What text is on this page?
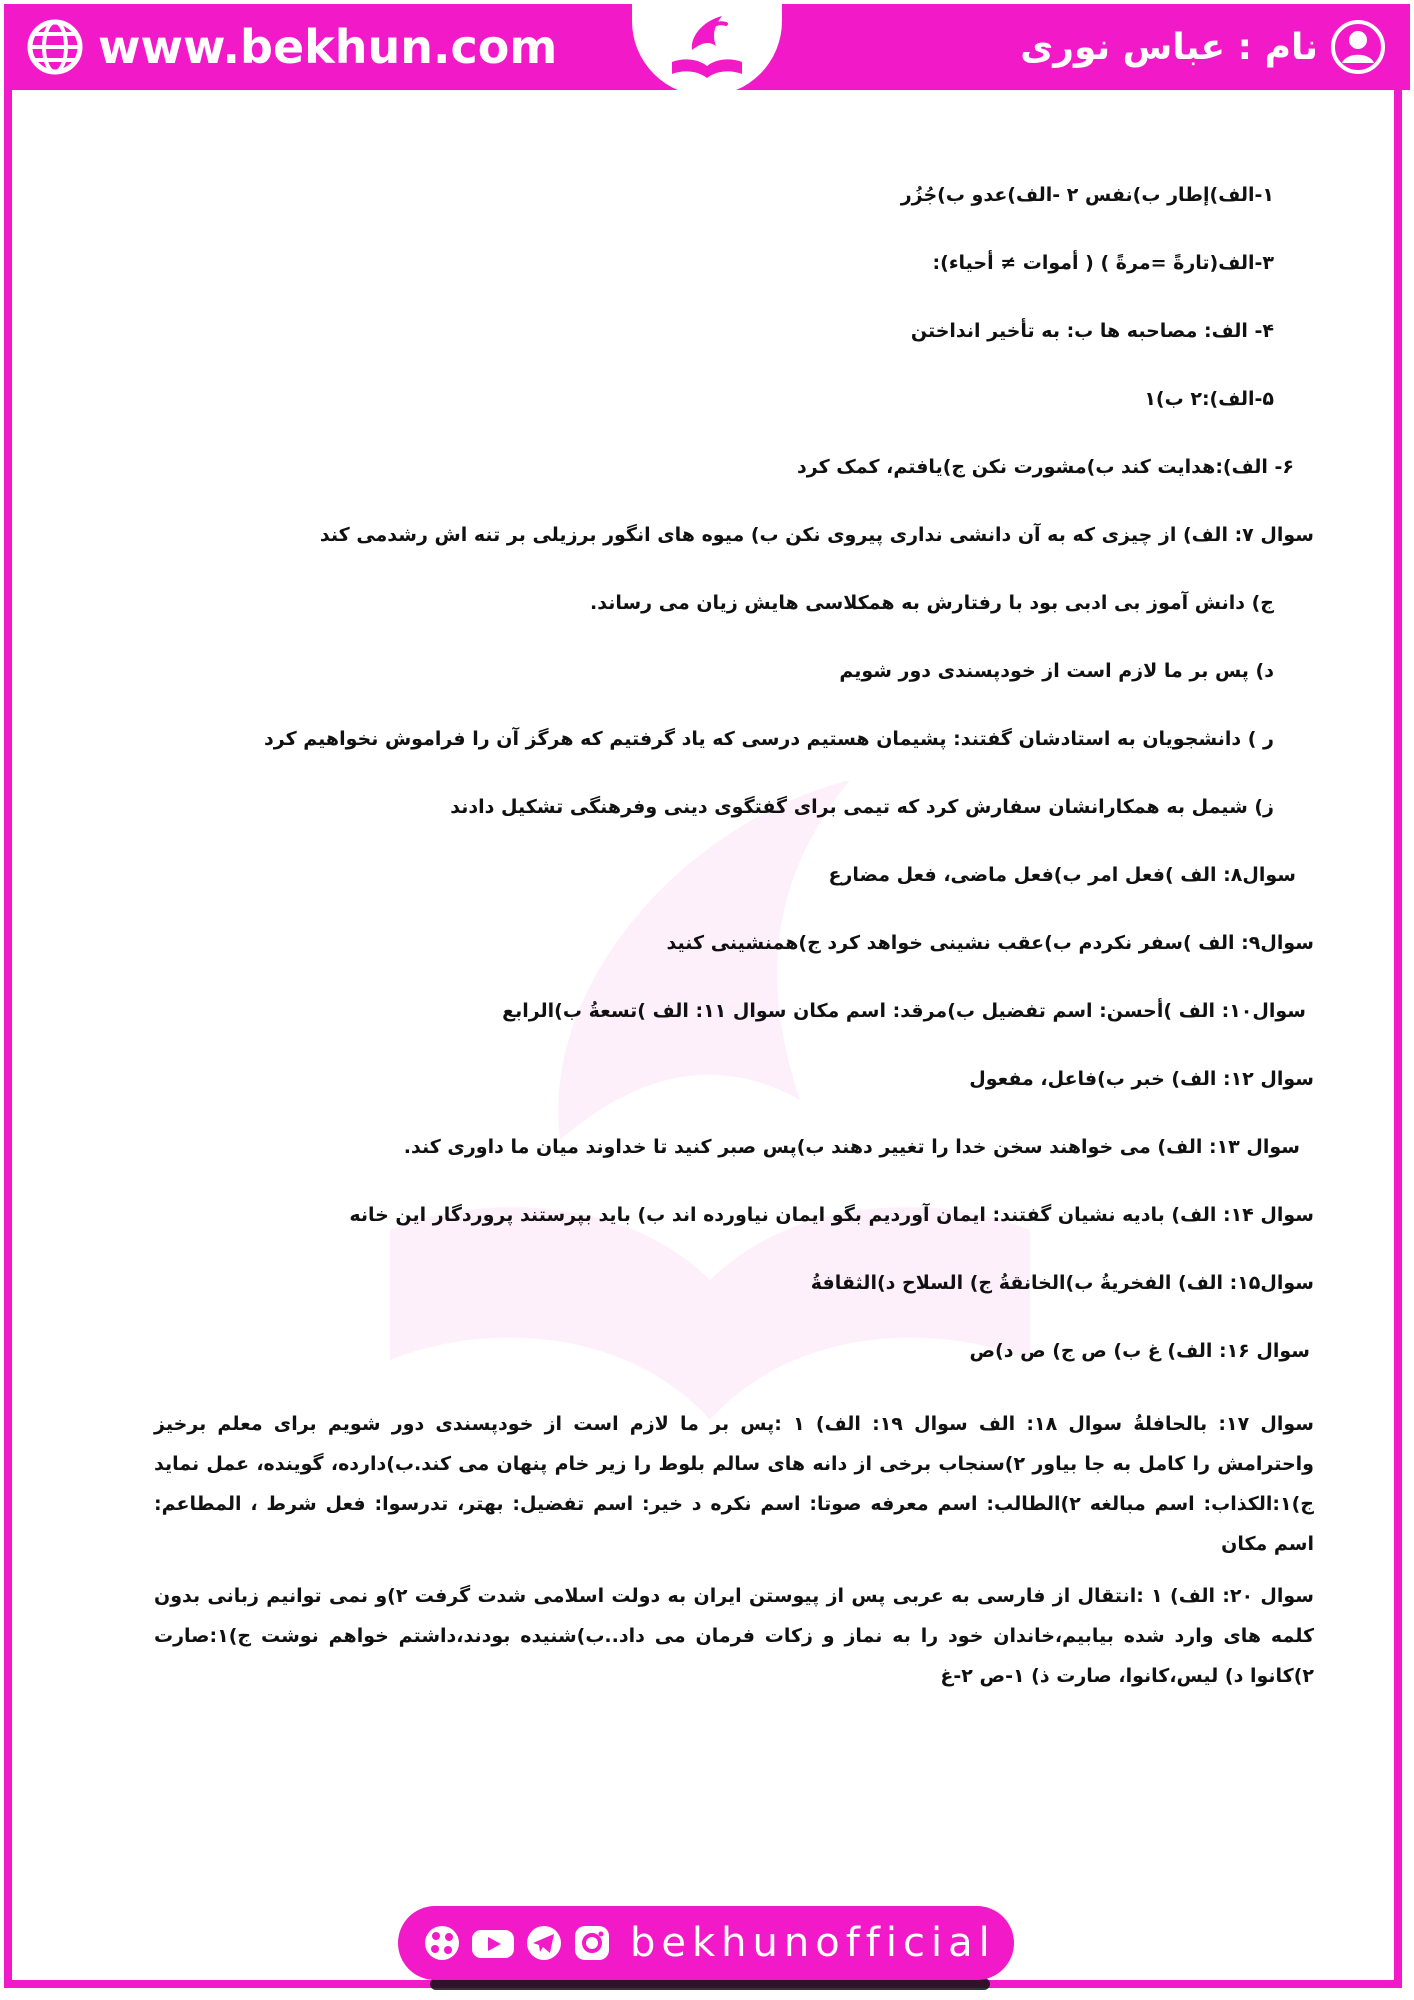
www.bekhun.com	نام : عباس نوری
۱-الف)إطار ب)نفس ۲ -الف)عدو ب)جُزُر
۳-الف(تارةً =مرةً ) ( أموات ≠ أحياء):
۴- الف: مصاحبه ها ب: به تأخیر انداختن
۵-الف):۲ ب)۱
۶- الف):هدایت کند ب)مشورت نکن ج)یافتم، کمک کرد
سوال ۷: الف) از چیزی که به آن دانشی نداری پیروی نکن ب) میوه های انگور برزیلی بر تنه اش رشدمی کند
ج) دانش آموز بی ادبی بود با رفتارش به همکلاسی هایش زیان می رساند.
د) پس بر ما لازم است از خودپسندی دور شویم
ر ) دانشجویان به استادشان گفتند: پشیمان هستیم درسی که یاد گرفتیم که هرگز آن را فراموش نخواهیم کرد
ز) شیمل به همکارانشان سفارش کرد که تیمی برای گفتگوی دینی وفرهنگی تشکیل دادند
سوال۸: الف )فعل امر ب)فعل ماضی، فعل مضارع
سوال۹: الف )سفر نکردم ب)عقب نشینی خواهد کرد ج)همنشینی کنید
سوال۱۰: الف )أحسن: اسم تفضیل ب)مرقد: اسم مکان سوال ۱۱: الف )تسعةُ ب)الرابع
سوال ۱۲: الف) خبر ب)فاعل، مفعول
سوال ۱۳: الف) می خواهند سخن خدا را تغییر دهند ب)پس صبر کنید تا خداوند میان ما داوری کند.
سوال ۱۴: الف) بادیه نشیان گفتند: ایمان آوردیم بگو ایمان نیاورده اند ب) باید بپرستند پروردگار این خانه
سوال۱۵: الف) الفخریةُ ب)الخانقةُ ج) السلاح د)الثقافةُ
سوال ۱۶: الف) غ ب) ص ج) ص د)ص
سوال ۱۷: بالحافلةُ سوال ۱۸: الف سوال ۱۹: الف) ۱ :پس بر ما لازم است از خودپسندی دور شویم برای معلم برخیز واحترامش را کامل به جا بیاور ۲)سنجاب برخی از دانه های سالم بلوط را زیر خام پنهان می کند.ب)دارده، گوینده، عمل نماید ج)۱:الکذاب: اسم مبالغه ۲)الطالب: اسم معرفه صوتا: اسم نکره د خیر: اسم تفضیل: بهتر، تدرسوا: فعل شرط ، المطاعم: اسم مکان
سوال ۲۰: الف) ۱ :انتقال از فارسی به عربی پس از پیوستن ایران به دولت اسلامی شدت گرفت ۲)و نمی توانیم زبانی بدون کلمه های وارد شده بیابیم،خاندان خود را به نماز و زکات فرمان می داد..ب)شنیده بودند،داشتم خواهم نوشت ج)۱:صارت ۲)کانوا د) لیس،کانوا، صارت ذ) ۱-ص ۲-غ
bekhunofficial
